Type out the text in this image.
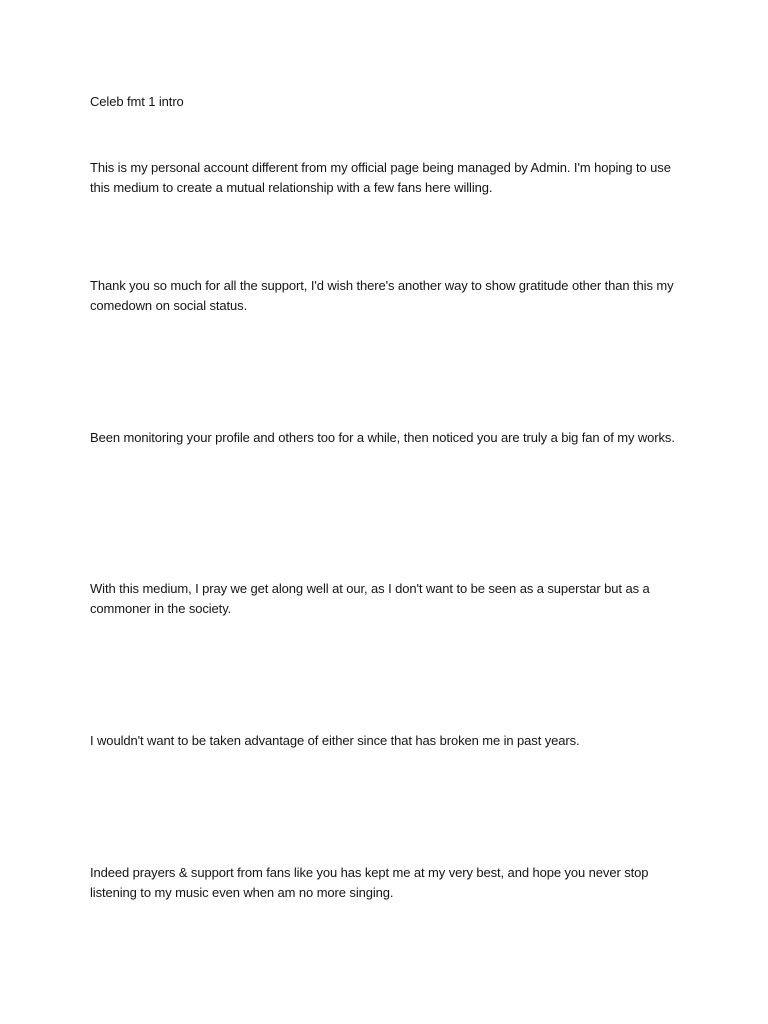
Celeb fmt 1 intro

This is my personal account different from my official page being managed by Admin. I'm hoping to use this medium to create a mutual relationship with a few fans here willing.

Thank you so much for all the support, I'd wish there's another way to show gratitude other than this my comedown on social status.

Been monitoring your profile and others too for a while, then noticed you are truly a big fan of my works.

With this medium, I pray we get along well at our, as I don't want to be seen as a superstar but as a commoner in the society.

I wouldn't want to be taken advantage of either since that has broken me in past years.

Indeed prayers & support from fans like you has kept me at my very best, and hope you never stop listening to my music even when am no more singing.
